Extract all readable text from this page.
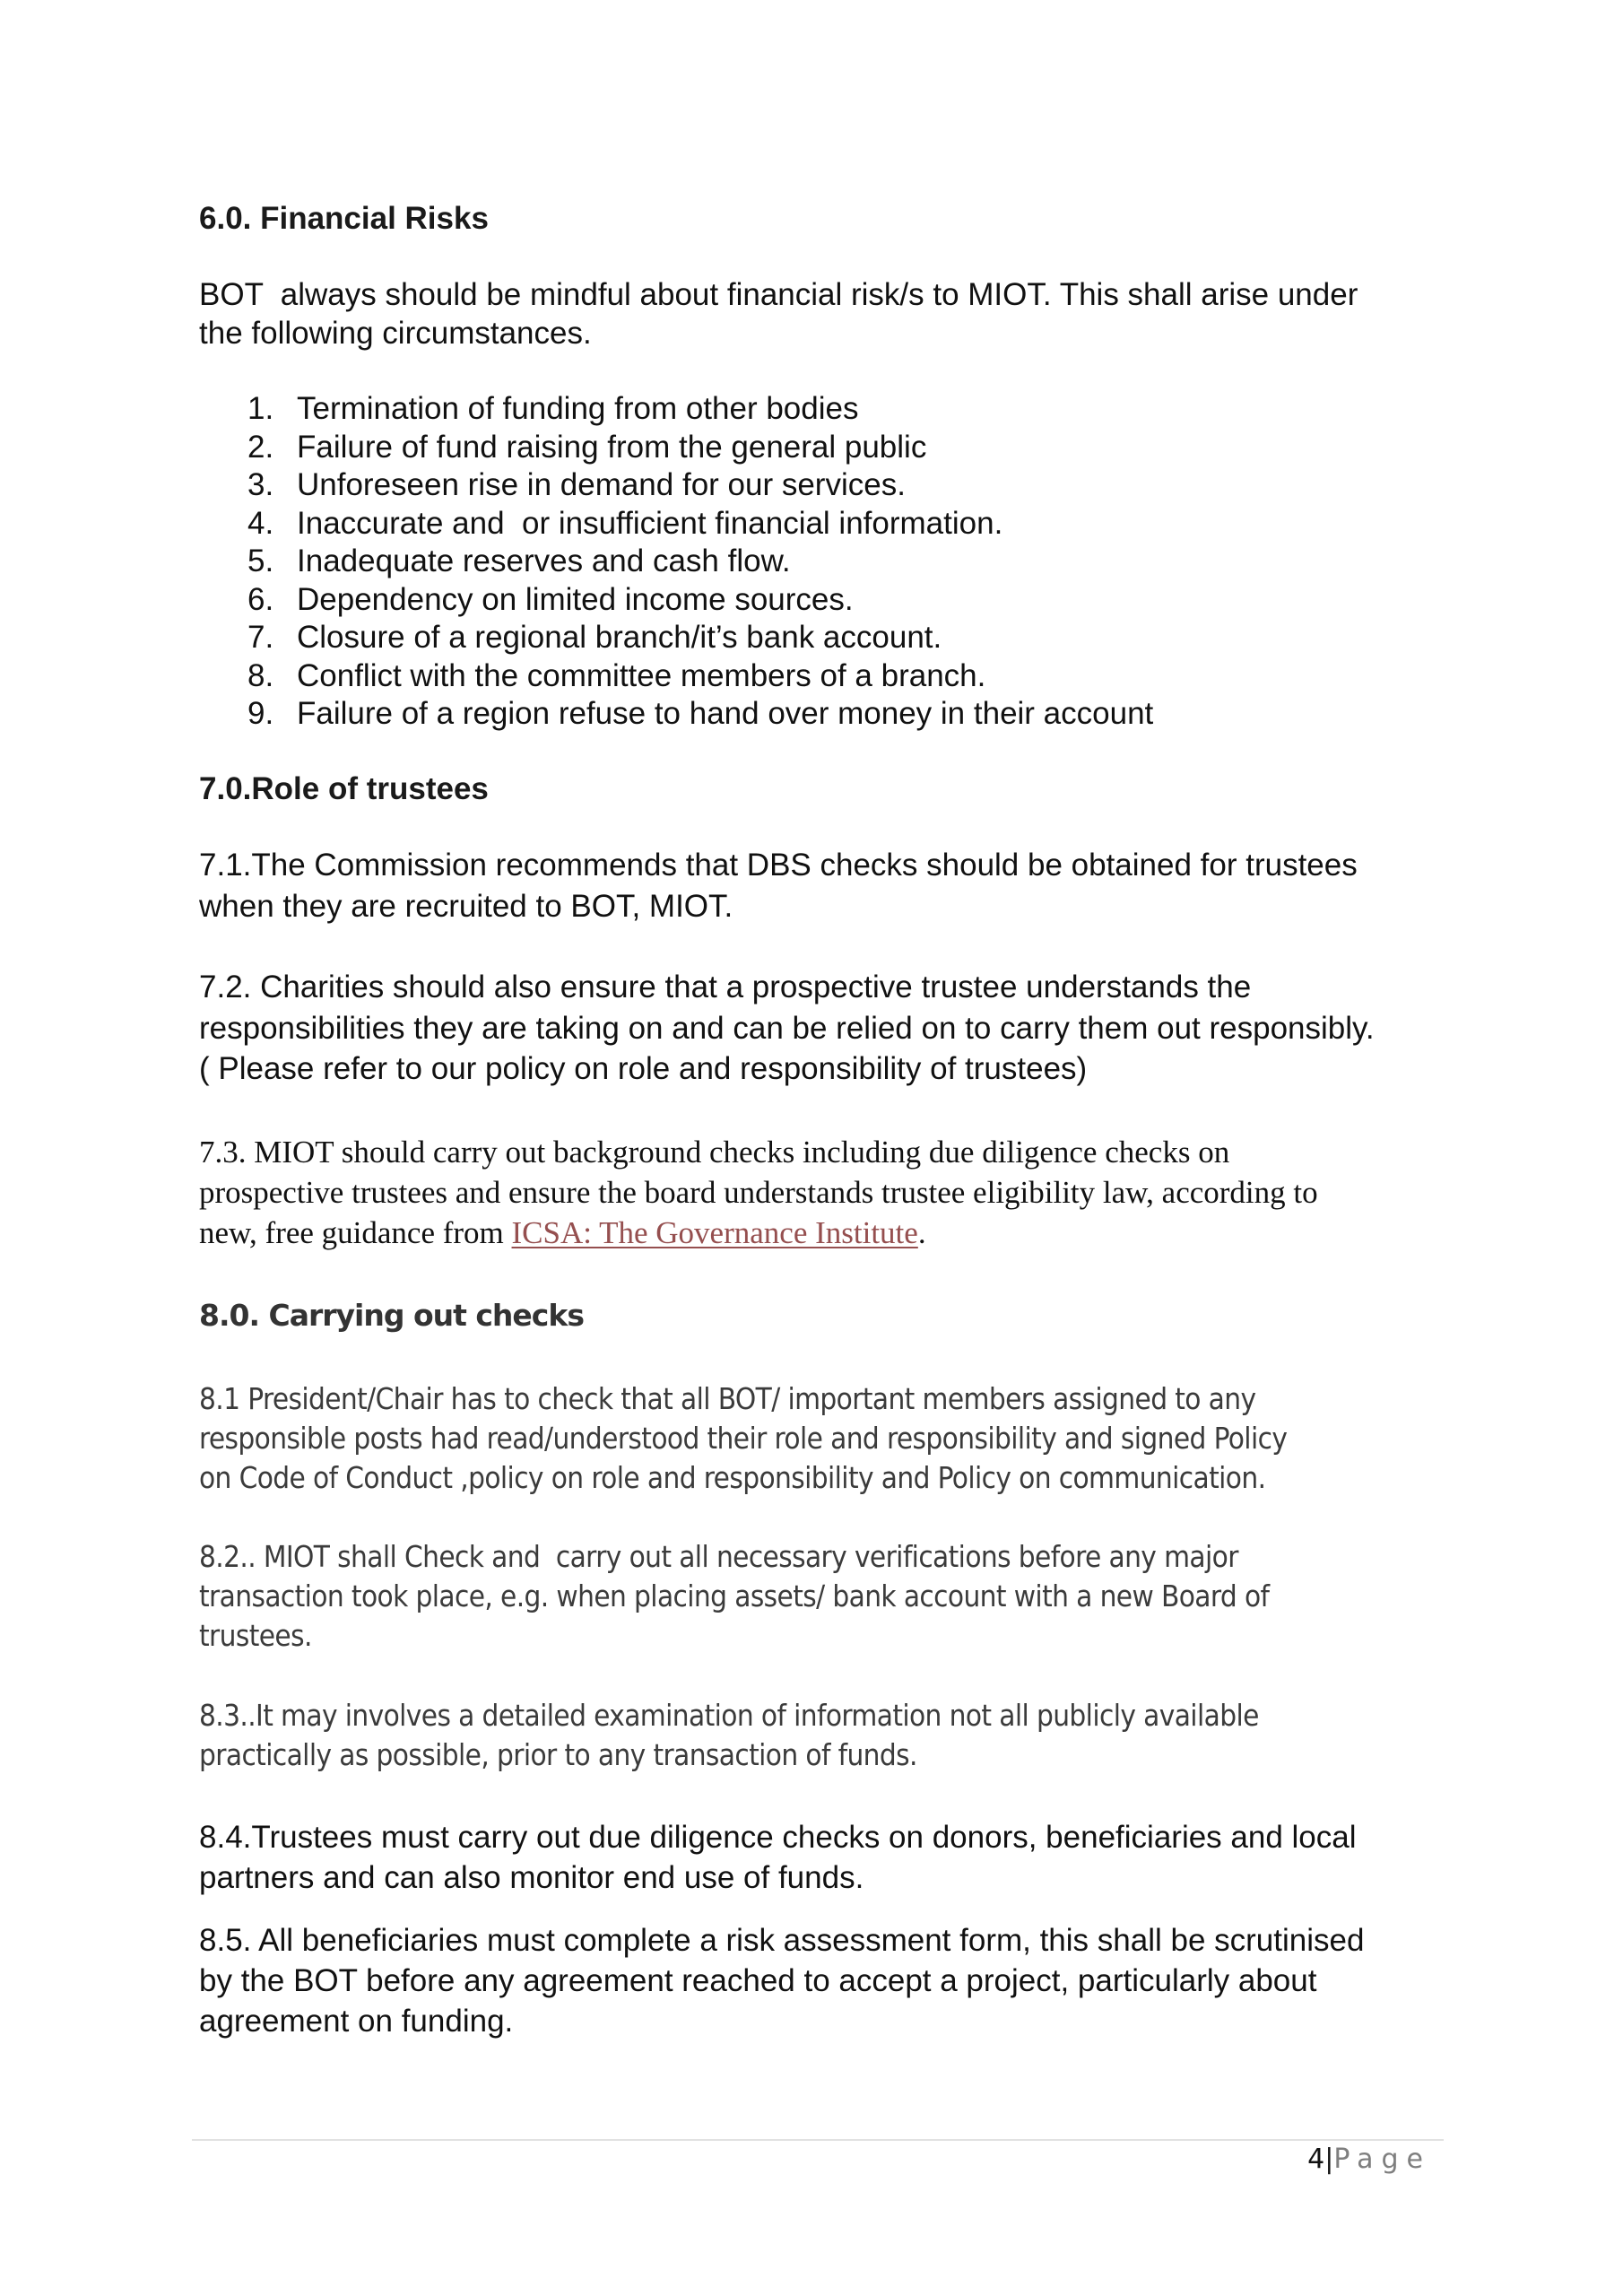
6.0. Financial Risks
BOT  always should be mindful about financial risk/s to MIOT. This shall arise under
the following circumstances.
1. Termination of funding from other bodies
2. Failure of fund raising from the general public
3. Unforeseen rise in demand for our services.
4. Inaccurate and  or insufficient financial information.
5. Inadequate reserves and cash flow.
6. Dependency on limited income sources.
7. Closure of a regional branch/it’s bank account.
8. Conflict with the committee members of a branch.
9. Failure of a region refuse to hand over money in their account
7.0.Role of trustees
7.1.The Commission recommends that DBS checks should be obtained for trustees
when they are recruited to BOT, MIOT.
7.2. Charities should also ensure that a prospective trustee understands the
responsibilities they are taking on and can be relied on to carry them out responsibly.
( Please refer to our policy on role and responsibility of trustees)
7.3. MIOT should carry out background checks including due diligence checks on
prospective trustees and ensure the board understands trustee eligibility law, according to
new, free guidance from ICSA: The Governance Institute.
8.0. Carrying out checks
8.1 President/Chair has to check that all BOT/ important members assigned to any
responsible posts had read/understood their role and responsibility and signed Policy
on Code of Conduct ,policy on role and responsibility and Policy on communication.
8.2.. MIOT shall Check and  carry out all necessary verifications before any major
transaction took place, e.g. when placing assets/ bank account with a new Board of
trustees.
8.3..It may involves a detailed examination of information not all publicly available
practically as possible, prior to any transaction of funds.
8.4.Trustees must carry out due diligence checks on donors, beneficiaries and local
partners and can also monitor end use of funds.
8.5. All beneficiaries must complete a risk assessment form, this shall be scrutinised
by the BOT before any agreement reached to accept a project, particularly about
agreement on funding.
4|Page
